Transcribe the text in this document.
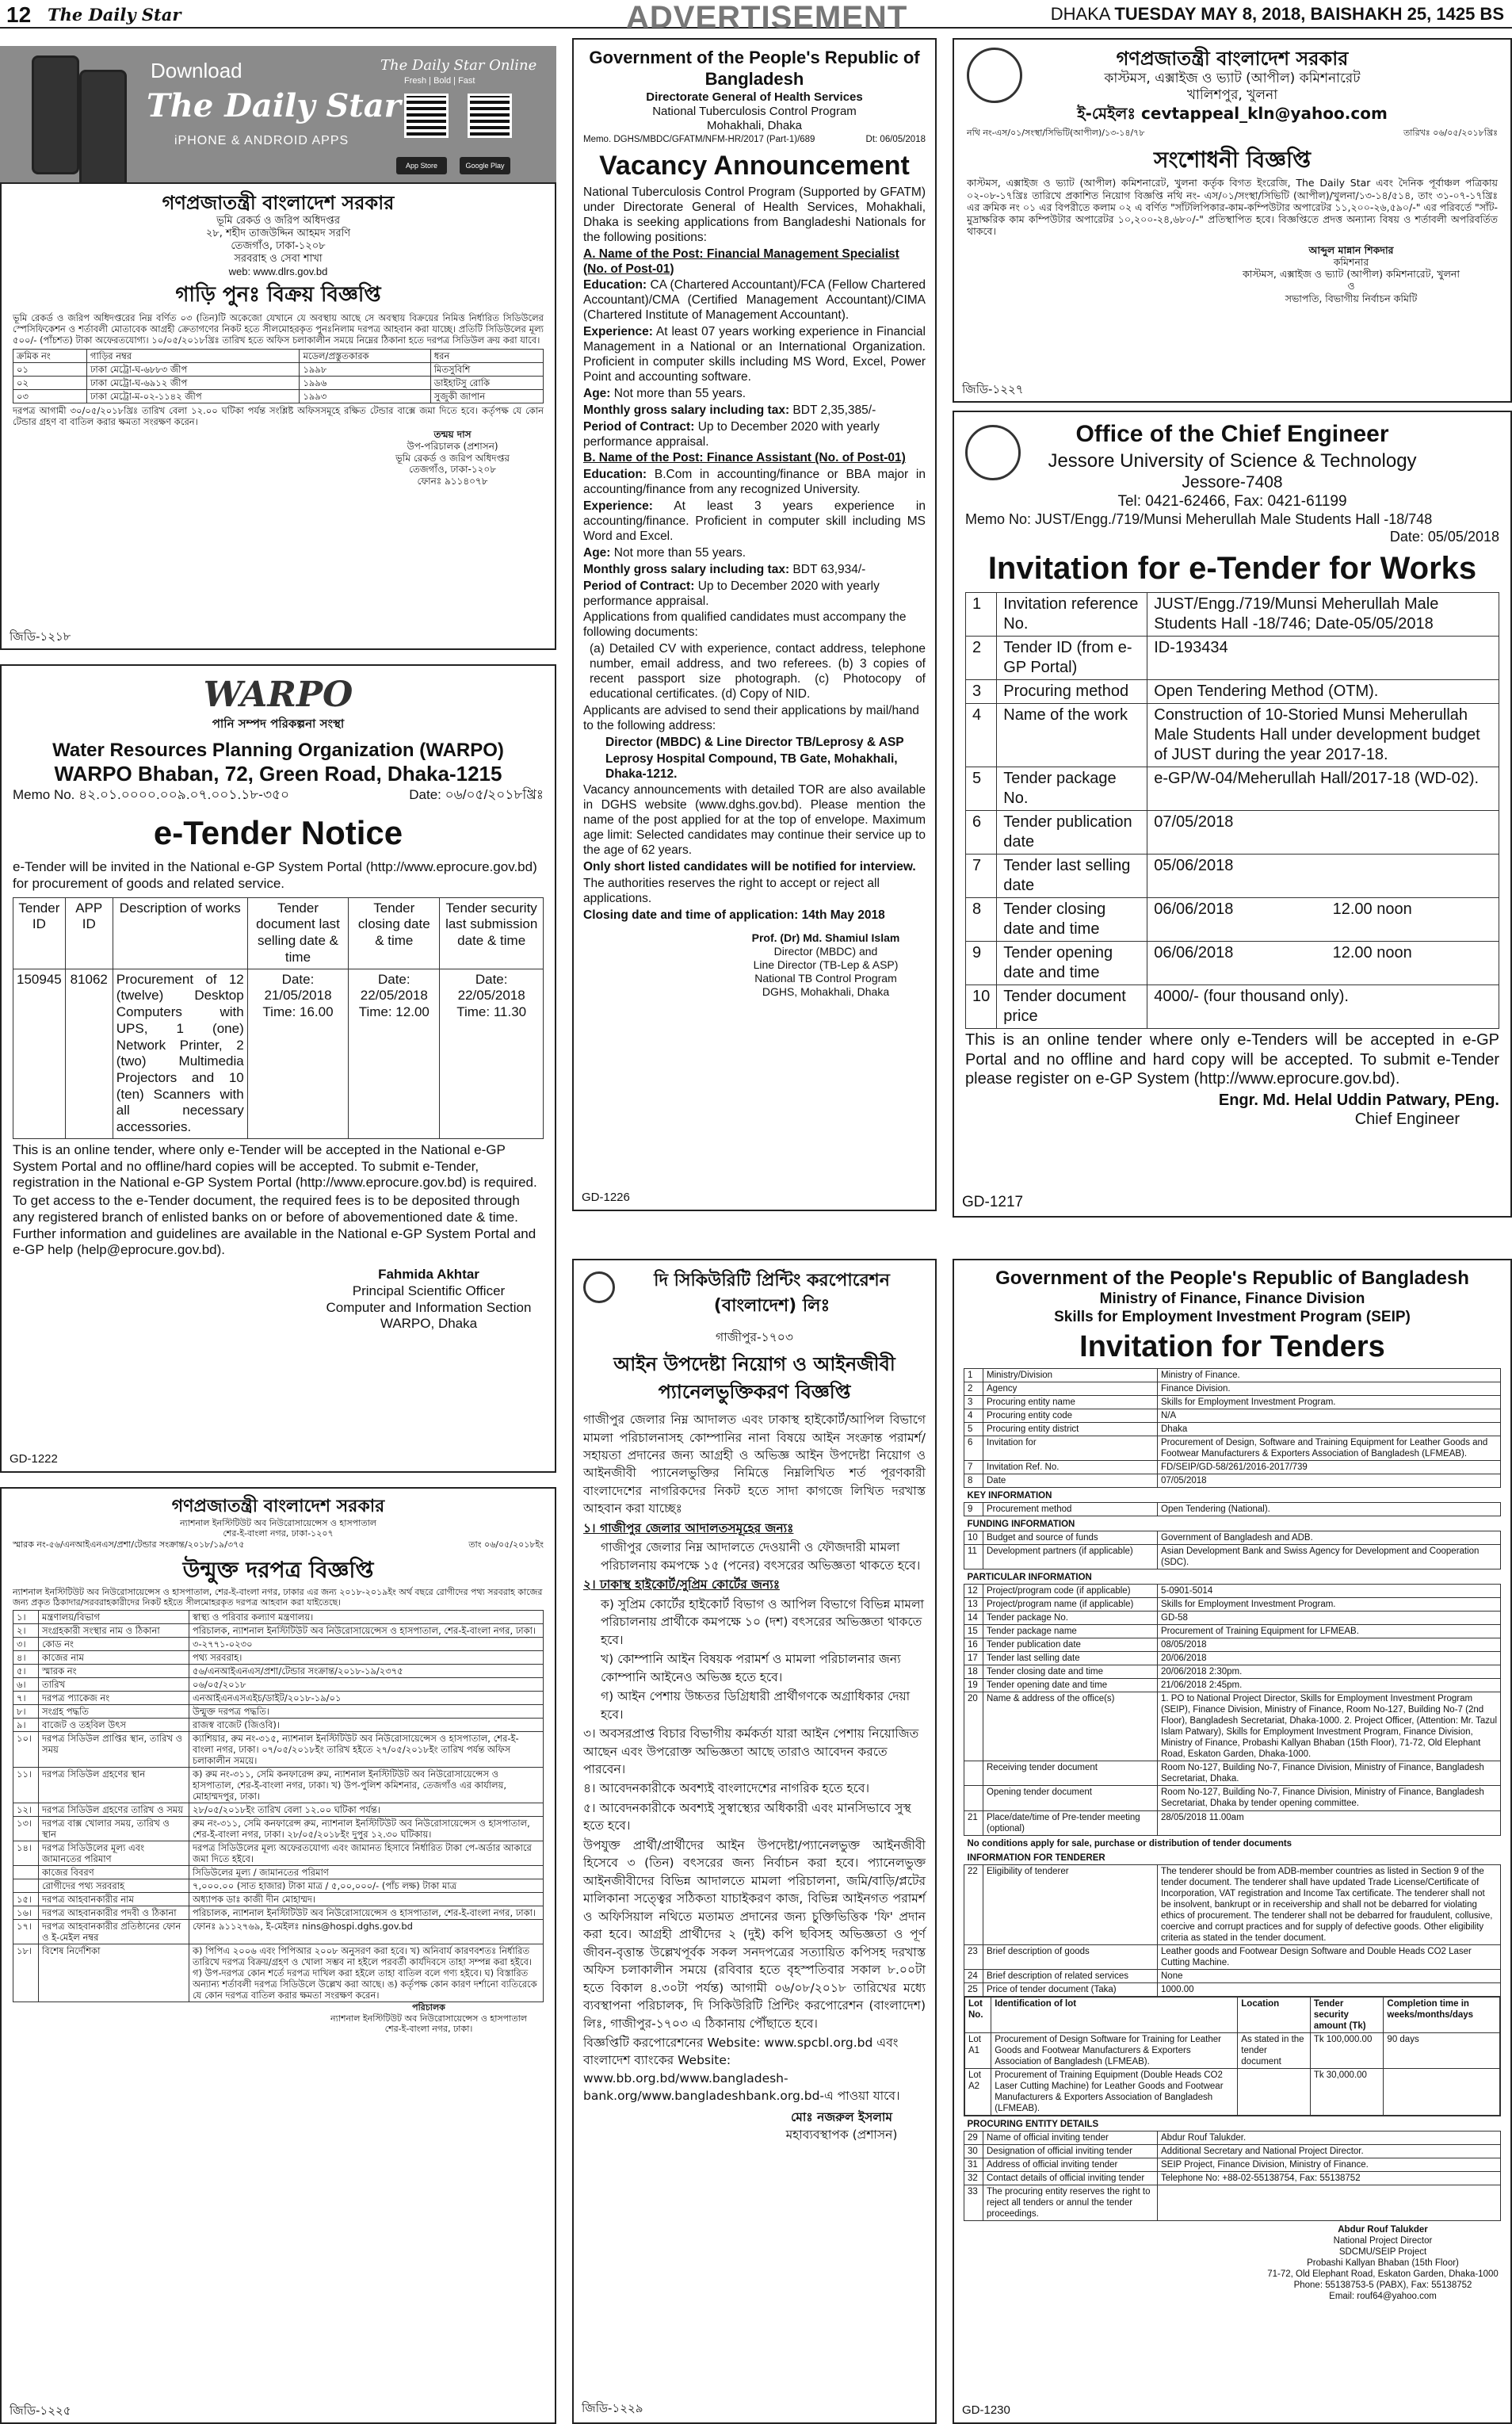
12 The Daily Star	ADVERTISEMENT	DHAKA TUESDAY MAY 8, 2018, BAISHAKH 25, 1425 BS
Download
The Daily Star
iPHONE & ANDROID APPS
The Daily Star Online
Fresh | Bold | Fast
App Store	Google Play
গণপ্রজাতন্ত্রী বাংলাদেশ সরকার
ভূমি রেকর্ড ও জরিপ অধিদপ্তর
২৮, শহীদ তাজউদ্দিন আহমদ সরণি
তেজগাঁও, ঢাকা-১২০৮
সরবরাহ ও সেবা শাখা
web: www.dlrs.gov.bd
গাড়ি পুনঃ বিক্রয় বিজ্ঞপ্তি

ভূমি রেকর্ড ও জরিপ অধিদপ্তরের নিম্ন বর্ণিত ০৩ (তিন)টি অকেজো যেখানে যে অবস্থায় আছে সে অবস্থায় বিক্রয়ের নিমিত্ত নির্ধারিত সিডিউলের স্পেসিফিকেশন ও শর্তাবলী মোতাবেক আগ্রহী ক্রেতাগণের নিকট হতে সীলমোহরকৃত পুনঃনিলাম দরপত্র আহবান করা যাচ্ছে। প্রতিটি সিডিউলের মূল্য ৫০০/- (পাঁচশত) টাকা অফেরতযোগ্য। ১০/০৫/২০১৮খ্রিঃ তারিখ হতে অফিস চলাকালীন সময়ে নিম্নের ঠিকানা হতে দরপত্র সিডিউল ক্রয় করা যাবে।

ক্রমিক নং	গাড়ির নম্বর	মডেল/প্রস্তুতকারক	ধরন
০১	ঢাকা মেট্রো-ঘ-৬৮৮৩ জীপ	১৯৯৮	মিতসুবিশি
০২	ঢাকা মেট্রো-ঘ-৬৯১২ জীপ	১৯৯৬	ডাইহাটসু রোকি
০৩	ঢাকা মেট্রো-ম-০২-১১৪২ জীপ	১৯৯৩	সুজুকী জাপান

দরপত্র আগামী ৩০/০৫/২০১৮খ্রিঃ তারিখ বেলা ১২.০০ ঘটিকা পর্যন্ত সংশ্লিষ্ট অফিসসমূহে রক্ষিত টেন্ডার বাক্সে জমা দিতে হবে। কর্তৃপক্ষ যে কোন টেন্ডার গ্রহণ বা বাতিল করার ক্ষমতা সংরক্ষণ করেন।

তন্ময় দাস
উপ-পরিচালক (প্রশাসন)
ভূমি রেকর্ড ও জরিপ অধিদপ্তর
তেজগাঁও, ঢাকা-১২০৮
ফোনঃ ৯১১৪০৭৮
জিডি-১২১৮
WARPO
পানি সম্পদ পরিকল্পনা সংস্থা
Water Resources Planning Organization (WARPO)
WARPO Bhaban, 72, Green Road, Dhaka-1215
Memo No. ৪২.০১.০০০০.০০৯.০৭.০০১.১৮-৩৫০	Date: ০৬/০৫/২০১৮খ্রিঃ
e-Tender Notice

e-Tender will be invited in the National e-GP System Portal (http://www.eprocure.gov.bd) for procurement of goods and related service.

Tender ID	APP ID	Description of works	Tender document last selling date & time	Tender closing date & time	Tender security last submission date & time
150945	81062	Procurement of 12 (twelve) Desktop Computers with UPS, 1 (one) Network Printer, 2 (two) Multimedia Projectors and 10 (ten) Scanners with all necessary accessories.	Date: 21/05/2018 Time: 16.00	Date: 22/05/2018 Time: 12.00	Date: 22/05/2018 Time: 11.30

This is an online tender, where only e-Tender will be accepted in the National e-GP System Portal and no offline/hard copies will be accepted. To submit e-Tender, registration in the National e-GP System Portal (http://www.eprocure.gov.bd) is required.

To get access to the e-Tender document, the required fees is to be deposited through any registered branch of enlisted banks on or before of abovementioned date & time. Further information and guidelines are available in the National e-GP System Portal and e-GP help (help@eprocure.gov.bd).

Fahmida Akhtar
Principal Scientific Officer
Computer and Information Section
WARPO, Dhaka
GD-1222
গণপ্রজাতন্ত্রী বাংলাদেশ সরকার
ন্যাশনাল ইনস্টিটিউট অব নিউরোসায়েন্সেস ও হাসপাতাল
শের-ই-বাংলা নগর, ঢাকা-১২০৭
স্মারক নং-৫৬/এনআইএনএস/প্রশা/টেন্ডার সংক্রান্ত/২০১৮/১৯/৩৭৫	তাং ০৬/০৫/২০১৮ইং
উন্মুক্ত দরপত্র বিজ্ঞপ্তি

ন্যাশনাল ইনস্টিটিউট অব নিউরোসায়েন্সেস ও হাসপাতাল, শের-ই-বাংলা নগর, ঢাকার এর জন্য ২০১৮-২০১৯ইং অর্থ বছরে রোগীদের পথ্য সরবরাহ কাজের জন্য প্রকৃত ঠিকাদার/সরবরাহকারীদের নিকট হইতে সীলমোহরকৃত দরপত্র আহবান করা যাইতেছে।

১।	মন্ত্রণালয়/বিভাগ	স্বাস্থ্য ও পরিবার কল্যাণ মন্ত্রণালয়।
২।	সংগ্রহকারী সংস্থার নাম ও ঠিকানা	পরিচালক, ন্যাশনাল ইনস্টিটিউট অব নিউরোসায়েন্সেস ও হাসপাতাল, শের-ই-বাংলা নগর, ঢাকা।
৩।	কোড নং	৩-২৭৭১-০২৩০
৪।	কাজের নাম	পথ্য সরবরাহ।
৫।	স্মারক নং	৫৬/এনআইএনএস/প্রশা/টেন্ডার সংক্রান্ত/২০১৮-১৯/২৩৭৫
৬।	তারিখ	০৬/০৫/২০১৮
৭।	দরপত্র প্যাকেজ নং	এনআইএনএসএইচ/ডাইট/২০১৮-১৯/০১
৮।	সংগ্রহ পদ্ধতি	উন্মুক্ত দরপত্র পদ্ধতি।
৯।	বাজেট ও তহবিল উৎস	রাজস্ব বাজেট (জিওবি)।
১০।	দরপত্র সিডিউল প্রাপ্তির স্থান, তারিখ ও সময়	ক্যাশিয়ার, রুম নং-৩১৫, ন্যাশনাল ইনস্টিটিউট অব নিউরোসায়েন্সেস ও হাসপাতাল, শের-ই-বাংলা নগর, ঢাকা। ০৭/০৫/২০১৮ইং তারিখ হইতে ২৭/০৫/২০১৮ইং তারিখ পর্যন্ত অফিস চলাকালীন সময়ে।
১১।	দরপত্র সিডিউল গ্রহণের স্থান	ক) রুম নং-৩১১, সেমি কনফারেন্স রুম, ন্যাশনাল ইনস্টিটিউট অব নিউরোসায়েন্সেস ও হাসপাতাল, শের-ই-বাংলা নগর, ঢাকা। খ) উপ-পুলিশ কমিশনার, তেজগাঁও এর কার্যালয়, মোহাম্মদপুর, ঢাকা।
১২।	দরপত্র সিডিউল গ্রহণের তারিখ ও সময়	২৮/০৫/২০১৮ইং তারিখ বেলা ১২.০০ ঘটিকা পর্যন্ত।
১৩।	দরপত্র বাক্স খোলার সময়, তারিখ ও স্থান	রুম নং-৩১১, সেমি কনফারেন্স রুম, ন্যাশনাল ইনস্টিটিউট অব নিউরোসায়েন্সেস ও হাসপাতাল, শের-ই-বাংলা নগর, ঢাকা। ২৮/০৫/২০১৮ইং দুপুর ১২.৩০ ঘটিকায়।
১৪।	দরপত্র সিডিউলের মূল্য এবং জামানতের পরিমাণ	দরপত্র সিডিউলের মূল্য অফেরতযোগ্য এবং জামানত হিসাবে নির্ধারিত টাকা পে-অর্ডার আকারে জমা দিতে হইবে।
	কাজের বিবরণ	সিডিউলের মূল্য / জামানতের পরিমাণ
	রোগীদের পথ্য সরবরাহ	৭,০০০.০০ (সাত হাজার) টাকা মাত্র / ৫,০০,০০০/- (পাঁচ লক্ষ) টাকা মাত্র
১৫।	দরপত্র আহবানকারীর নাম	অধ্যাপক ডাঃ কাজী দীন মোহাম্মদ।
১৬।	দরপত্র আহবানকারীর পদবী ও ঠিকানা	পরিচালক, ন্যাশনাল ইনস্টিটিউট অব নিউরোসায়েন্সেস ও হাসপাতাল, শের-ই-বাংলা নগর, ঢাকা।
১৭।	দরপত্র আহবানকারীর প্রতিষ্ঠানের ফোন ও ই-মেইল নম্বর	ফোনঃ ৯১১২৭৬৯, ই-মেইলঃ nins@hospi.dghs.gov.bd
১৮।	বিশেষ নির্দেশিকা	ক) পিপিএ ২০০৬ এবং পিপিআর ২০০৮ অনুসরণ করা হবে। খ) অনিবার্য কারণবশতঃ নির্ধারিত তারিখে দরপত্র বিক্রয়/গ্রহণ ও খোলা সম্ভব না হইলে পরবর্তী কার্যদিবসে তাহা সম্পন্ন করা হইবে। গ) উপ-দরপত্র কোন শর্তে দরপত্র দাখিল করা হইলে তাহা বাতিল বলে গণ্য হইবে। ঘ) বিস্তারিত অন্যান্য শর্তাবলী দরপত্র সিডিউলে উল্লেখ করা আছে। ঙ) কর্তৃপক্ষ কোন কারণ দর্শানো ব্যতিরেকে যে কোন দরপত্র বাতিল করার ক্ষমতা সংরক্ষণ করেন।
পরিচালক
ন্যাশনাল ইনস্টিটিউট অব নিউরোসায়েন্সেস ও হাসপাতাল
শের-ই-বাংলা নগর, ঢাকা।
জিডি-১২২৫
Government of the People's Republic of Bangladesh
Directorate General of Health Services
National Tuberculosis Control Program
Mohakhali, Dhaka
Memo. DGHS/MBDC/GFATM/NFM-HR/2017 (Part-1)/689	Dt: 06/05/2018
Vacancy Announcement

National Tuberculosis Control Program (Supported by GFATM) under Directorate General of Health Services, Mohakhali, Dhaka is seeking applications from Bangladeshi Nationals for the following positions:

A. Name of the Post: Financial Management Specialist (No. of Post-01)

Education: CA (Chartered Accountant)/FCA (Fellow Chartered Accountant)/CMA (Certified Management Accountant)/CIMA (Chartered Institute of Management Accountant).

Experience: At least 07 years working experience in Financial Management in a National or an International Organization. Proficient in computer skills including MS Word, Excel, Power Point and accounting software.

Age: Not more than 55 years.

Monthly gross salary including tax: BDT 2,35,385/-

Period of Contract: Up to December 2020 with yearly performance appraisal.

B. Name of the Post: Finance Assistant (No. of Post-01)

Education: B.Com in accounting/finance or BBA major in accounting/finance from any recognized University.

Experience: At least 3 years experience in accounting/finance. Proficient in computer skill including MS Word and Excel.

Age: Not more than 55 years.

Monthly gross salary including tax: BDT 63,934/-

Period of Contract: Up to December 2020 with yearly performance appraisal.

Applications from qualified candidates must accompany the following documents:

(a) Detailed CV with experience, contact address, telephone number, email address, and two referees. (b) 3 copies of recent passport size photograph. (c) Photocopy of educational certificates. (d) Copy of NID.

Applicants are advised to send their applications by mail/hand to the following address:

Director (MBDC) & Line Director TB/Leprosy & ASP

Leprosy Hospital Compound, TB Gate, Mohakhali, Dhaka-1212.

Vacancy announcements with detailed TOR are also available in DGHS website (www.dghs.gov.bd). Please mention the name of the post applied for at the top of envelope. Maximum age limit: Selected candidates may continue their service up to the age of 62 years.

Only short listed candidates will be notified for interview.

The authorities reserves the right to accept or reject all applications.

Closing date and time of application: 14th May 2018

Prof. (Dr) Md. Shamiul Islam
Director (MBDC) and
Line Director (TB-Lep & ASP)
National TB Control Program
DGHS, Mohakhali, Dhaka
GD-1226
দি সিকিউরিটি প্রিন্টিং করপোরেশন (বাংলাদেশ) লিঃ
গাজীপুর-১৭০৩
আইন উপদেষ্টা নিয়োগ ও আইনজীবী প্যানেলভুক্তিকরণ বিজ্ঞপ্তি

গাজীপুর জেলার নিম্ন আদালত এবং ঢাকাস্থ হাইকোর্ট/আপিল বিভাগে মামলা পরিচালনাসহ কোম্পানির নানা বিষয়ে আইন সংক্রান্ত পরামর্শ/ সহায়তা প্রদানের জন্য আগ্রহী ও অভিজ্ঞ আইন উপদেষ্টা নিয়োগ ও আইনজীবী প্যানেলভুক্তির নিমিত্তে নিম্নলিখিত শর্ত পূরণকারী বাংলাদেশের নাগরিকদের নিকট হতে সাদা কাগজে লিখিত দরখাস্ত আহবান করা যাচ্ছেঃ

১। গাজীপুর জেলার আদালতসমূহের জন্যঃ

গাজীপুর জেলার নিম্ন আদালতে দেওয়ানী ও ফৌজদারী মামলা পরিচালনায় কমপক্ষে ১৫ (পনের) বৎসরের অভিজ্ঞতা থাকতে হবে।

২। ঢাকাস্থ হাইকোর্ট/সুপ্রিম কোর্টের জন্যঃ

ক) সুপ্রিম কোর্টের হাইকোর্ট বিভাগ ও আপিল বিভাগে বিভিন্ন মামলা পরিচালনায় প্রার্থীকে কমপক্ষে ১০ (দশ) বৎসরের অভিজ্ঞতা থাকতে হবে।

খ) কোম্পানি আইন বিষয়ক পরামর্শ ও মামলা পরিচালনার জন্য কোম্পানি আইনেও অভিজ্ঞ হতে হবে।

গ) আইন পেশায় উচ্চতর ডিগ্রিধারী প্রার্থীগণকে অগ্রাধিকার দেয়া হবে।

৩। অবসরপ্রাপ্ত বিচার বিভাগীয় কর্মকর্তা যারা আইন পেশায় নিয়োজিত আছেন এবং উপরোক্ত অভিজ্ঞতা আছে তারাও আবেদন করতে পারবেন।

৪। আবেদনকারীকে অবশ্যই বাংলাদেশের নাগরিক হতে হবে।

৫। আবেদনকারীকে অবশ্যই সুস্বাস্থ্যের অধিকারী এবং মানসিভাবে সুস্থ হতে হবে।

উপযুক্ত প্রার্থী/প্রার্থীদের আইন উপদেষ্টা/প্যানেলভুক্ত আইনজীবী হিসেবে ৩ (তিন) বৎসরের জন্য নির্বাচন করা হবে। প্যানেলভুক্ত আইনজীবীদের বিভিন্ন আদালতে মামলা পরিচালনা, জমি/বাড়ি/প্লটের মালিকানা সত্ত্বের সঠিকতা যাচাইকরণ কাজ, বিভিন্ন আইনগত পরামর্শ ও অফিসিয়াল নথিতে মতামত প্রদানের জন্য চুক্তিভিত্তিক 'ফি' প্রদান করা হবে। আগ্রহী প্রার্থীদের ২ (দুই) কপি ছবিসহ অভিজ্ঞতা ও পূর্ণ জীবন-বৃত্তান্ত উল্লেখপূর্বক সকল সনদপত্রের সত্যায়িত কপিসহ দরখাস্ত অফিস চলাকালীন সময়ে (রবিবার হতে বৃহস্পতিবার সকাল ৮.০০টা হতে বিকাল ৪.৩০টা পর্যন্ত) আগামী ০৬/০৮/২০১৮ তারিখের মধ্যে ব্যবস্থাপনা পরিচালক, দি সিকিউরিটি প্রিন্টিং করপোরেশন (বাংলাদেশ) লিঃ, গাজীপুর-১৭০৩ এ ঠিকানায় পৌঁছাতে হবে।

বিজ্ঞপ্তিটি করপোরেশনের Website: www.spcbl.org.bd এবং বাংলাদেশ ব্যাংকের Website: www.bb.org.bd/www.bangladesh-bank.org/www.bangladeshbank.org.bd-এ পাওয়া যাবে।

মোঃ নজরুল ইসলাম
মহাব্যবস্থাপক (প্রশাসন)
জিডি-১২২৯
গণপ্রজাতন্ত্রী বাংলাদেশ সরকার
কাস্টমস, এক্সাইজ ও ভ্যাট (আপীল) কমিশনারেট
খালিশপুর, খুলনা
ই-মেইলঃ cevtappeal_kln@yahoo.com
নথি নং-এস/০১/সংস্থা/সিভিটি(আপীল)/১৩-১৪/৭৮	তারিখঃ ০৬/০৫/২০১৮খ্রিঃ
সংশোধনী বিজ্ঞপ্তি

কাস্টমস, এক্সাইজ ও ভ্যাট (আপীল) কমিশনারেট, খুলনা কর্তৃক বিগত ইংরেজি, The Daily Star এবং দৈনিক পূর্বাঞ্চল পত্রিকায় ০২-০৮-১৭খ্রিঃ তারিখে প্রকাশিত নিয়োগ বিজ্ঞপ্তি নথি নং- এস/০১/সংস্থা/সিভিটি (আপীল)/খুলনা/১৩-১৪/৫১৪, তাং ৩১-০৭-১৭খ্রিঃ এর ক্রমিক নং ০১ এর বিপরীতে কলাম ০২ এ বর্ণিত "সাঁটলিপিকার-কাম-কম্পিউটার অপারেটর ১১,২০০-২৬,৫৯০/-" এর পরিবর্তে "সাঁট-মুদ্রাক্ষরিক কাম কম্পিউটার অপারেটর ১০,২০০-২৪,৬৮০/-" প্রতিস্থাপিত হবে। বিজ্ঞপ্তিতে প্রদত্ত অন্যান্য বিষয় ও শর্তাবলী অপরিবর্তিত থাকবে।

আব্দুল মান্নান শিকদার
কমিশনার
কাস্টমস, এক্সাইজ ও ভ্যাট (আপীল) কমিশনারেট, খুলনা
ও
সভাপতি, বিভাগীয় নির্বাচন কমিটি
জিডি-১২২৭
Office of the Chief Engineer
Jessore University of Science & Technology
Jessore-7408
Tel: 0421-62466, Fax: 0421-61199
Memo No: JUST/Engg./719/Munsi Meherullah Male Students Hall -18/748
Date: 05/05/2018
Invitation for e-Tender for Works
1	Invitation reference No.	JUST/Engg./719/Munsi Meherullah Male Students Hall -18/746; Date-05/05/2018	
2	Tender ID (from e-GP Portal)	ID-193434	
3	Procuring method	Open Tendering Method (OTM).	
4	Name of the work	Construction of 10-Storied Munsi Meherullah Male Students Hall under development budget of JUST during the year 2017-18.	
5	Tender package No.	e-GP/W-04/Meherullah Hall/2017-18 (WD-02).	
6	Tender publication date	07/05/2018	
7	Tender last selling date	05/06/2018	
8	Tender closing date and time	06/06/2018	12.00 noon
9	Tender opening date and time	06/06/2018	12.00 noon
10	Tender document price	4000/- (four thousand only).	

This is an online tender where only e-Tenders will be accepted in e-GP Portal and no offline and hard copy will be accepted. To submit e-Tender please register on e-GP System (http://www.eprocure.gov.bd).

Engr. Md. Helal Uddin Patwary, PEng.
Chief Engineer
GD-1217
Government of the People's Republic of Bangladesh
Ministry of Finance, Finance Division
Skills for Employment Investment Program (SEIP)
Invitation for Tenders
1	Ministry/Division	Ministry of Finance.
2	Agency	Finance Division.
3	Procuring entity name	Skills for Employment Investment Program.
4	Procuring entity code	N/A
5	Procuring entity district	Dhaka
6	Invitation for	Procurement of Design, Software and Training Equipment for Leather Goods and Footwear Manufacturers & Exporters Association of Bangladesh (LFMEAB).
7	Invitation Ref. No.	FD/SEIP/GD-58/261/2016-2017/739
8	Date	07/05/2018
KEY INFORMATION
9	Procurement method	Open Tendering (National).
FUNDING INFORMATION
10	Budget and source of funds	Government of Bangladesh and ADB.
11	Development partners (if applicable)	Asian Development Bank and Swiss Agency for Development and Cooperation (SDC).
PARTICULAR INFORMATION
12	Project/program code (if applicable)	5-0901-5014
13	Project/program name (if applicable)	Skills for Employment Investment Program.
14	Tender package No.	GD-58
15	Tender package name	Procurement of Training Equipment for LFMEAB.
16	Tender publication date	08/05/2018
17	Tender last selling date	20/06/2018
18	Tender closing date and time	20/06/2018 2:30pm.
19	Tender opening date and time	21/06/2018 2:45pm.
20	Name & address of the office(s)	1. PO to National Project Director, Skills for Employment Investment Program (SEIP), Finance Division, Ministry of Finance, Room No-127, Building No-7 (2nd Floor), Bangladesh Secretariat, Dhaka-1000. 2. Project Officer, (Attention: Mr. Tazul Islam Patwary), Skills for Employment Investment Program, Finance Division, Ministry of Finance, Probashi Kallyan Bhaban (15th Floor), 71-72, Old Elephant Road, Eskaton Garden, Dhaka-1000.
	Receiving tender document	Room No-127, Building No-7, Finance Division, Ministry of Finance, Bangladesh Secretariat, Dhaka.
	Opening tender document	Room No-127, Building No-7, Finance Division, Ministry of Finance, Bangladesh Secretariat, Dhaka by tender opening committee.
21	Place/date/time of Pre-tender meeting (optional)	28/05/2018 11.00am
No conditions apply for sale, purchase or distribution of tender documents
INFORMATION FOR TENDERER
22	Eligibility of tenderer	The tenderer should be from ADB-member countries as listed in Section 9 of the tender document. The tenderer shall have updated Trade License/Certificate of Incorporation, VAT registration and Income Tax certificate. The tenderer shall not be insolvent, bankrupt or in receivership and shall not be debarred for violating ethics of procurement. The tenderer shall not be debarred for fraudulent, collusive, coercive and corrupt practices and for supply of defective goods. Other eligibility criteria as stated in the tender document.
23	Brief description of goods	Leather goods and Footwear Design Software and Double Heads CO2 Laser Cutting Machine.
24	Brief description of related services	None
25	Price of tender document (Taka)	1000.00

Lot No.	Identification of lot	Location	Tender security amount (Tk)	Completion time in weeks/months/days
Lot A1	Procurement of Design Software for Training for Leather Goods and Footwear Manufacturers & Exporters Association of Bangladesh (LFMEAB).	As stated in the tender document	Tk 100,000.00	90 days
Lot A2	Procurement of Training Equipment (Double Heads CO2 Laser Cutting Machine) for Leather Goods and Footwear Manufacturers & Exporters Association of Bangladesh (LFMEAB).		Tk 30,000.00	

PROCURING ENTITY DETAILS
29	Name of official inviting tender	Abdur Rouf Talukder.
30	Designation of official inviting tender	Additional Secretary and National Project Director.
31	Address of official inviting tender	SEIP Project, Finance Division, Ministry of Finance.
32	Contact details of official inviting tender	Telephone No: +88-02-55138754, Fax: 55138752
33	The procuring entity reserves the right to reject all tenders or annul the tender proceedings.	
Abdur Rouf Talukder
National Project Director
SDCMU/SEIP Project
Probashi Kallyan Bhaban (15th Floor)
71-72, Old Elephant Road, Eskaton Garden, Dhaka-1000
Phone: 55138753-5 (PABX), Fax: 55138752
Email: rouf64@yahoo.com
GD-1230
